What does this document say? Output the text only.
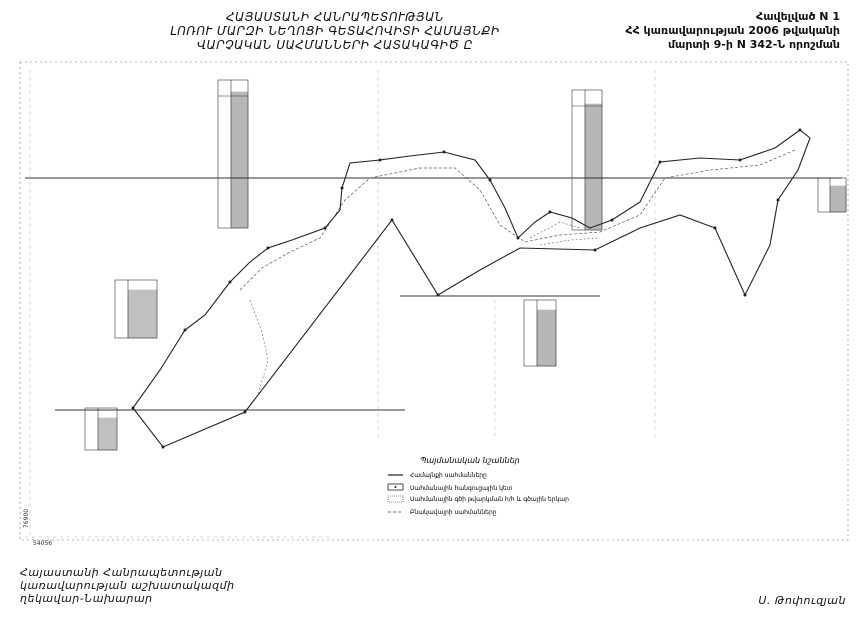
ՀԱՅԱՍՏԱՆԻ ՀԱՆՐԱՊԵՏՈՒԹՅԱՆ
ԼՈՌՈՒ ՄԱՐԶԻ ՆԵՂՈՑԻ ԳԵՏԱՀՈՎԻՏԻ ՀԱՄԱՅՆՔԻ
ՎԱՐՉԱԿԱՆ ՍԱՀՄԱՆՆԵՐԻ ՀԱՏԱԿԱԳԻԾ Ը
Հավելված N 1
ՀՀ կառավարության 2006 թվականի
մարտի 9-ի N 342-Ն որոշման
76900
54056
Պայմանական նշաններ
Համայնքի սահմանները
Սահմանային հանգուցային կետ
Սահմանային գծի թվարկման հ/հ և գծային երկար
Բնակավայրի սահմանները
Հայաստանի Հանրապետության
կառավարության աշխատակազմի
ղեկավար-Նախարար	Ս. Թոփուզյան
